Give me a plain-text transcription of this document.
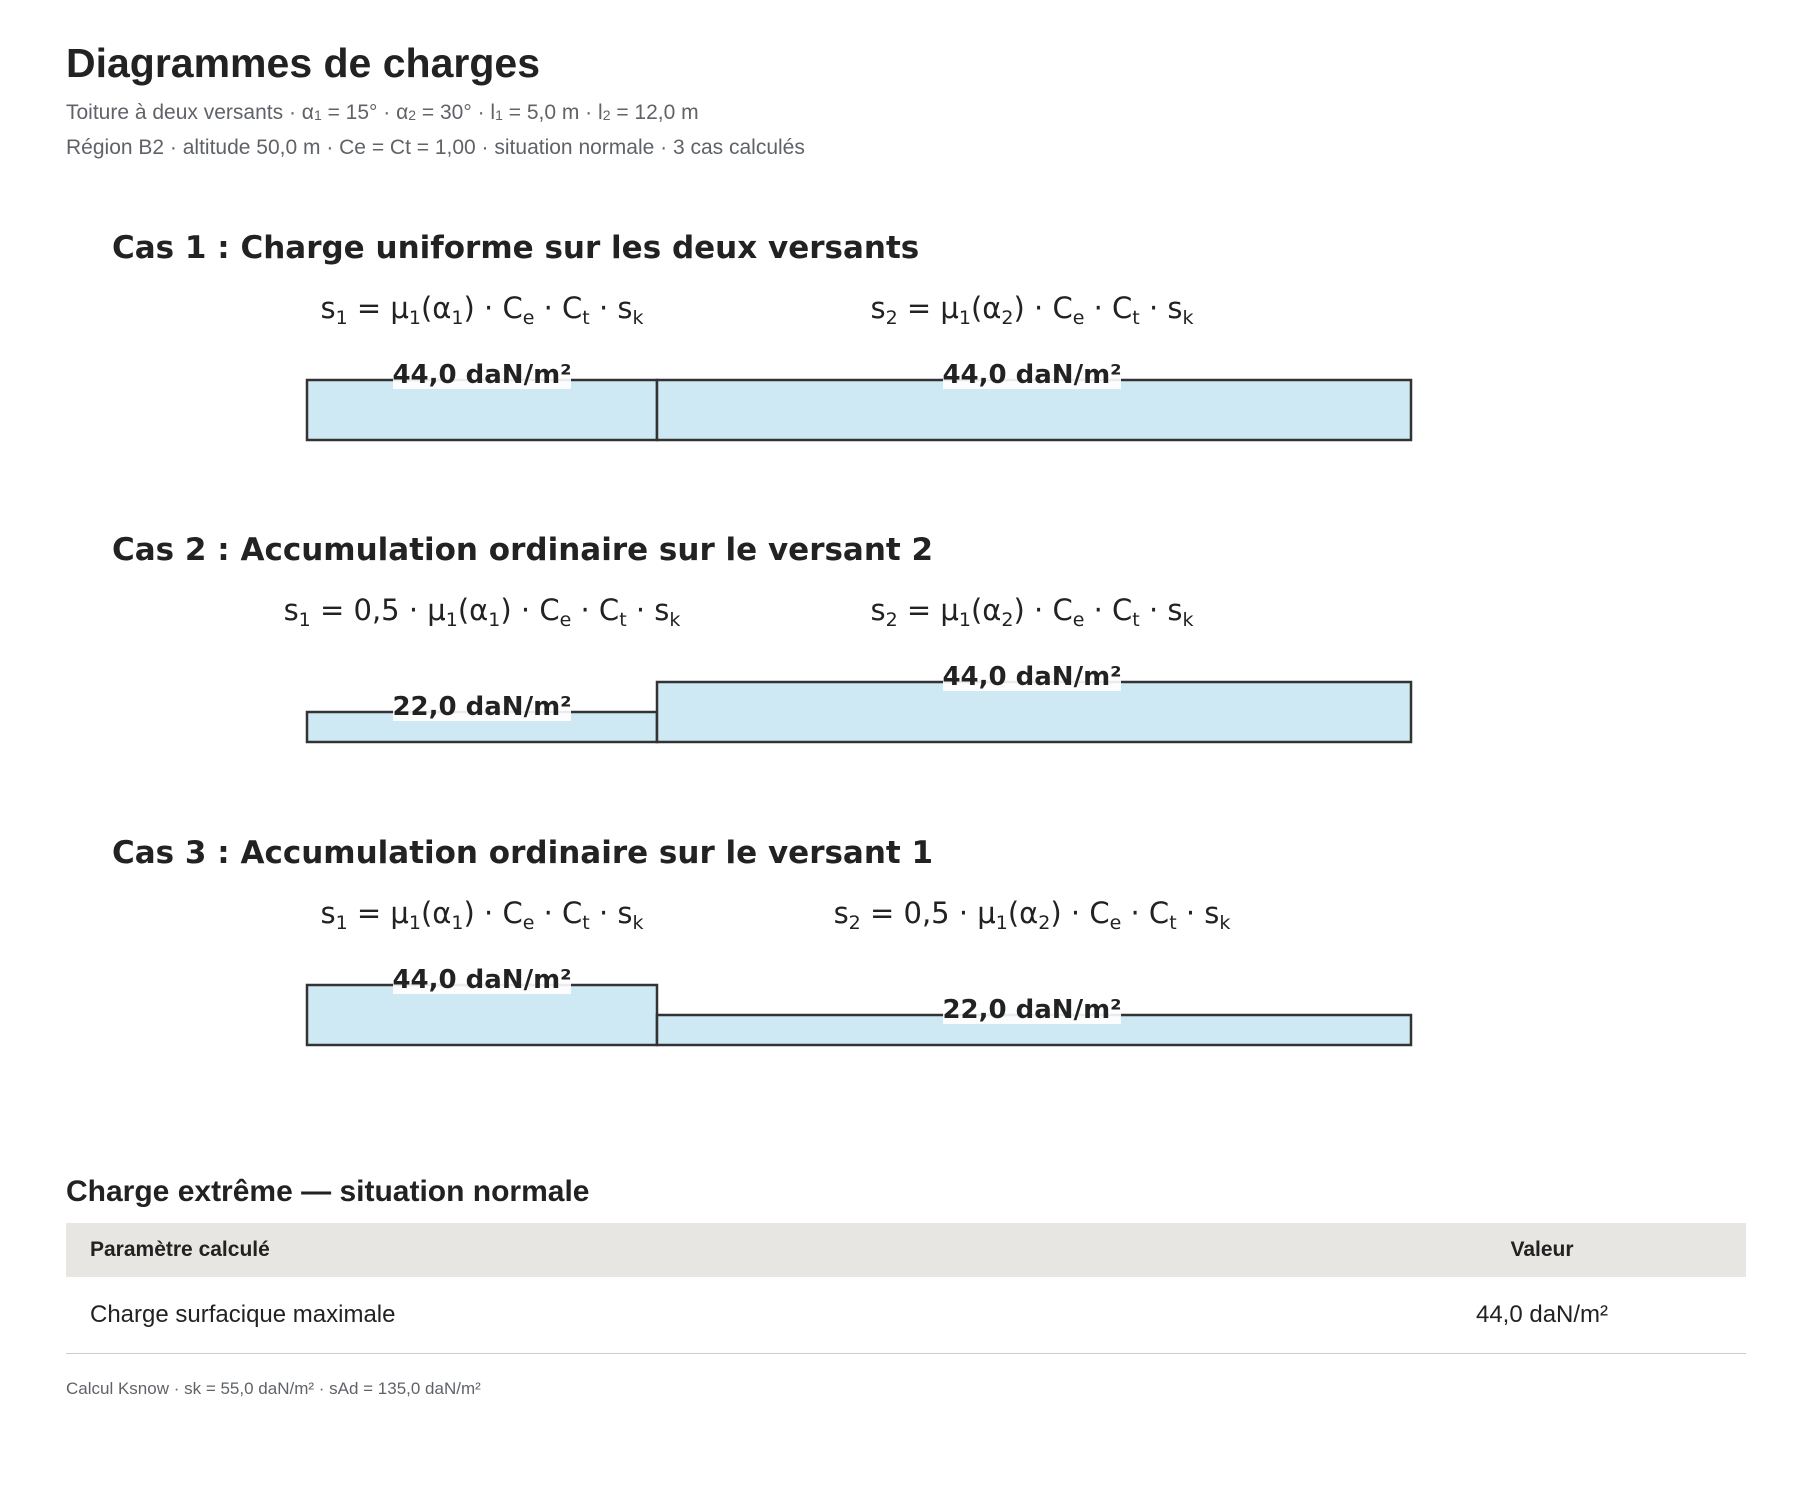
Diagrammes de charges
Toiture à deux versants · α1 = 15° · α2 = 30° · l1 = 5,0 m · l2 = 12,0 m
Région B2 · altitude 50,0 m · Ce = Ct = 1,00 · situation normale · 3 cas calculés
Cas 1 : Charge uniforme sur les deux versants
$s_1 = \mu_1(\alpha_1) \cdot C_e \cdot C_t \cdot s_k$	$s_2 = \mu_1(\alpha_2) \cdot C_e \cdot C_t \cdot s_k$
44,0 daN/m²	44,0 daN/m²
Cas 2 : Accumulation ordinaire sur le versant 2
$s_1 = 0,5 \cdot \mu_1(\alpha_1) \cdot C_e \cdot C_t \cdot s_k$	$s_2 = \mu_1(\alpha_2) \cdot C_e \cdot C_t \cdot s_k$
22,0 daN/m²
44,0 daN/m²
Cas 3 : Accumulation ordinaire sur le versant 1
$s_1 = \mu_1(\alpha_1) \cdot C_e \cdot C_t \cdot s_k$	$s_2 = 0,5 \cdot \mu_1(\alpha_2) \cdot C_e \cdot C_t \cdot s_k$
44,0 daN/m²
22,0 daN/m²
Charge extrême — situation normale
Paramètre calculé	Valeur
Charge surfacique maximale	44,0 daN/m²
Calcul Ksnow · sk = 55,0 daN/m² · sAd = 135,0 daN/m²
